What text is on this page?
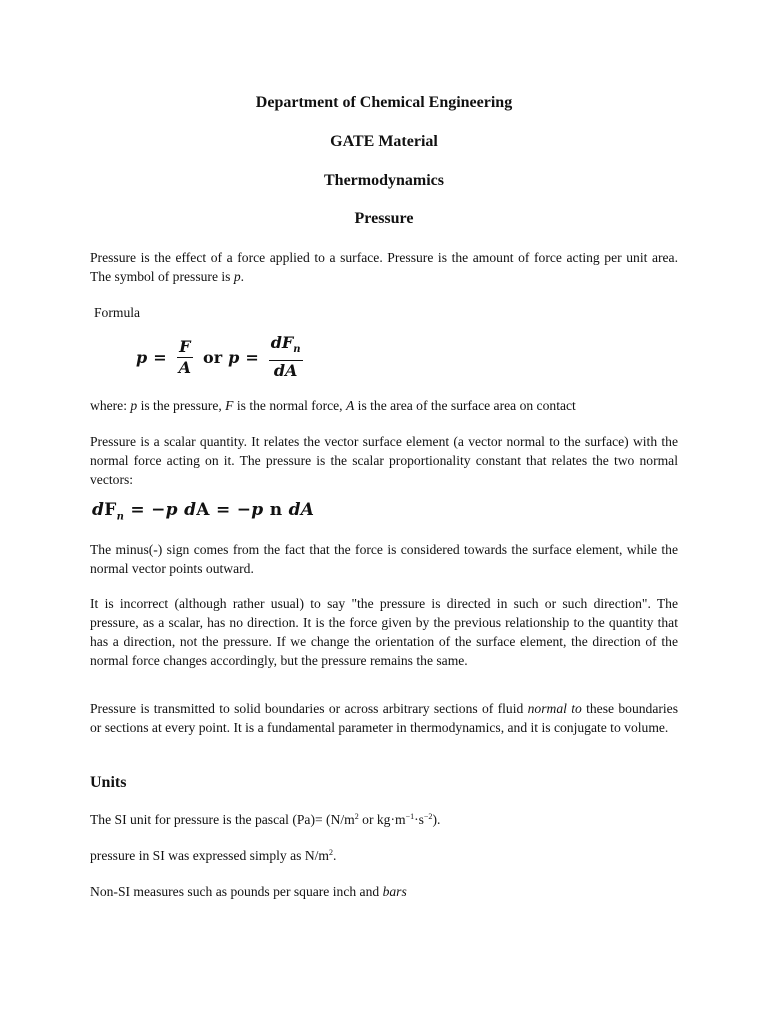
Department of Chemical Engineering
GATE Material
Thermodynamics
Pressure
Pressure is the effect of a force applied to a surface. Pressure is the amount of force acting per unit area. The symbol of pressure is p.
Formula
$p = \frac{F}{A}$ or $p = \frac{dF_n}{dA}$
where: p is the pressure, F is the normal force, A is the area of the surface area on contact
Pressure is a scalar quantity. It relates the vector surface element (a vector normal to the surface) with the normal force acting on it. The pressure is the scalar proportionality constant that relates the two normal vectors:
$dF_n = -p$ dA = −p n dA
The minus(-) sign comes from the fact that the force is considered towards the surface element, while the normal vector points outward.
It is incorrect (although rather usual) to say "the pressure is directed in such or such direction". The pressure, as a scalar, has no direction. It is the force given by the previous relationship to the quantity that has a direction, not the pressure. If we change the orientation of the surface element, the direction of the normal force changes accordingly, but the pressure remains the same.
Pressure is transmitted to solid boundaries or across arbitrary sections of fluid normal to these boundaries or sections at every point. It is a fundamental parameter in thermodynamics, and it is conjugate to volume.
Units
The SI unit for pressure is the pascal $(Pa)= (N/m^2$ or $kg\cdot m^{-1}\cdot s^{-2}$).
pressure in SI was expressed simply as $N/m^2$.
Non-SI measures such as pounds per square inch and bars
